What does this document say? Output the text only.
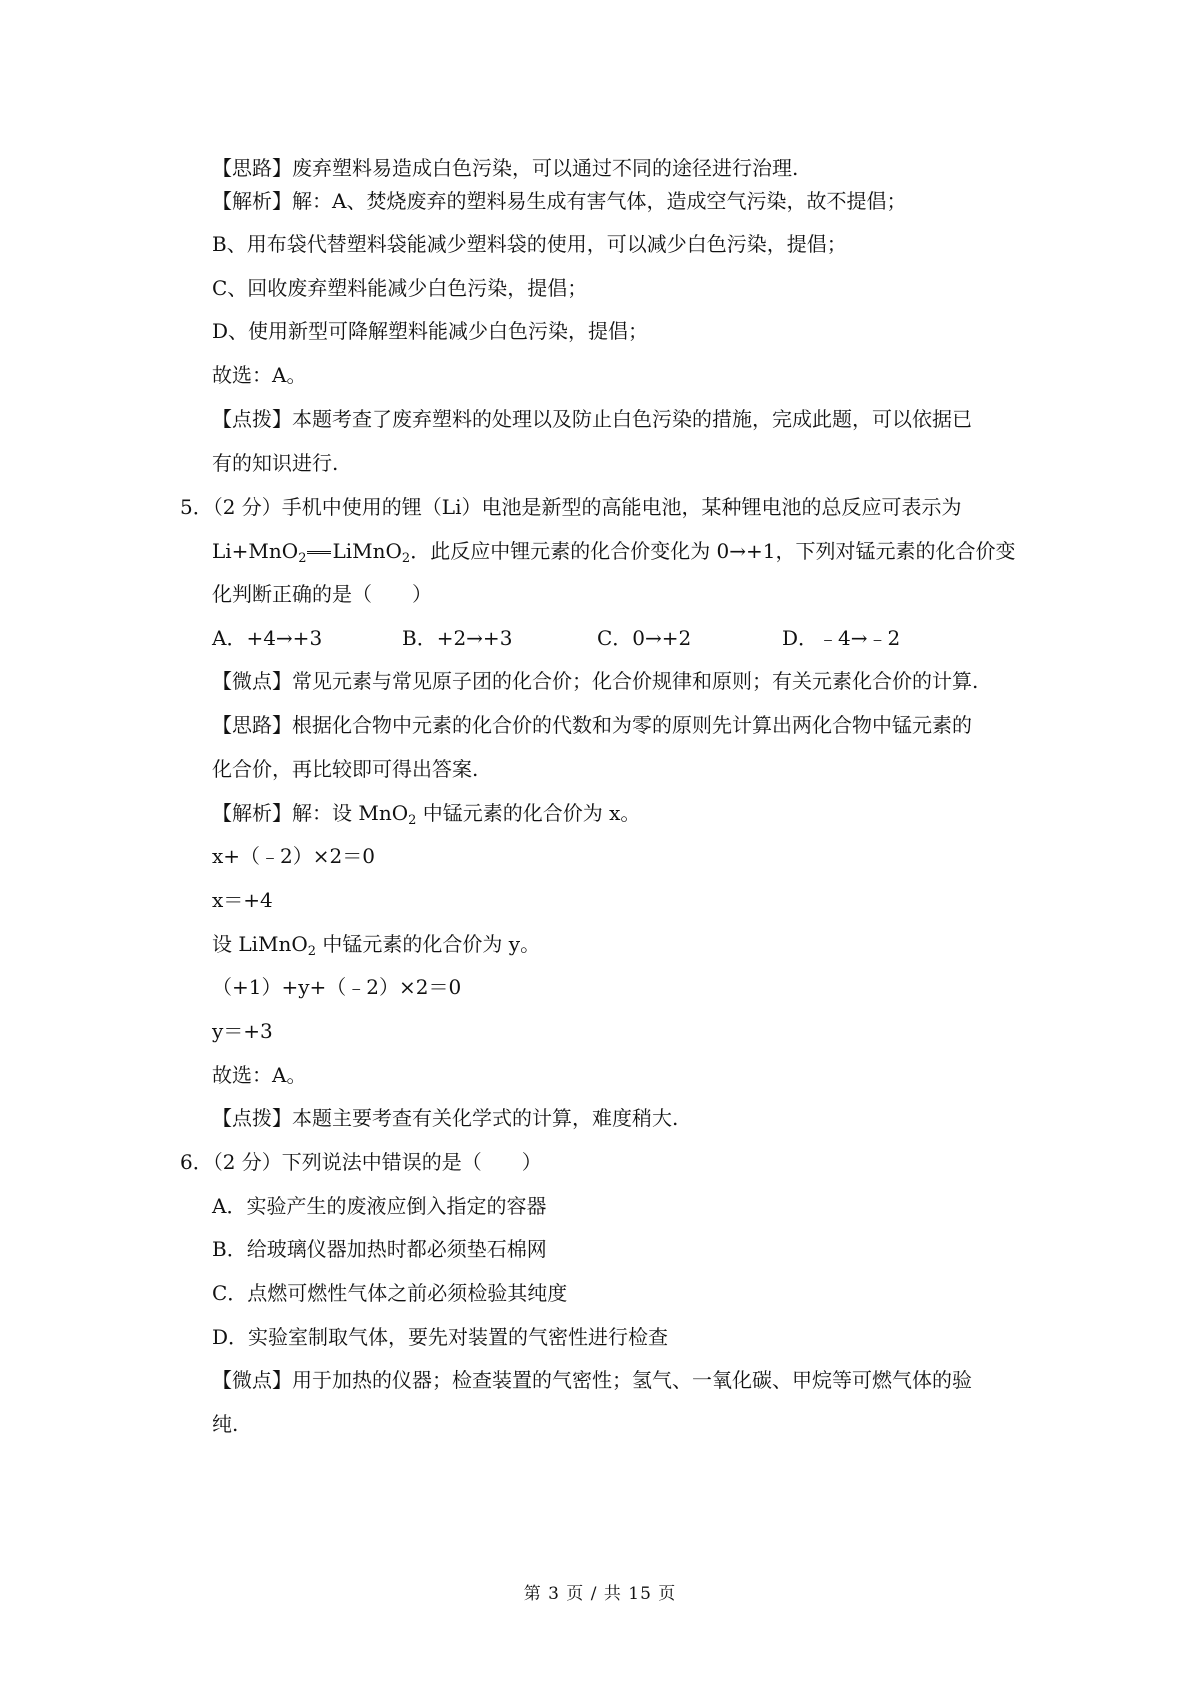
【思路】废弃塑料易造成白色污染，可以通过不同的途径进行治理.
【解析】解：A、焚烧废弃的塑料易生成有害气体，造成空气污染，故不提倡；
B、用布袋代替塑料袋能减少塑料袋的使用，可以减少白色污染，提倡；
C、回收废弃塑料能减少白色污染，提倡；
D、使用新型可降解塑料能减少白色污染，提倡；
故选：A。
【点拨】本题考查了废弃塑料的处理以及防止白色污染的措施，完成此题，可以依据已
有的知识进行.
5．（2 分）手机中使用的锂（Li）电池是新型的高能电池，某种锂电池的总反应可表示为
Li+MnO$_2$ LiMnO$_2$．此反应中锂元素的化合价变化为 0→+1，下列对锰元素的化合价变
化判断正确的是（　　）
A．+4→+3	B．+2→+3	C．0→+2	D．﹣4→﹣2
【微点】常见元素与常见原子团的化合价；化合价规律和原则；有关元素化合价的计算.
【思路】根据化合物中元素的化合价的代数和为零的原则先计算出两化合物中锰元素的
化合价，再比较即可得出答案.
【解析】解：设 MnO$_2$ 中锰元素的化合价为 x。
x+（﹣2）×2＝0
x＝+4
设 LiMnO$_2$ 中锰元素的化合价为 y。
（+1）+y+（﹣2）×2＝0
y＝+3
故选：A。
【点拨】本题主要考查有关化学式的计算，难度稍大.
6．（2 分）下列说法中错误的是（　　）
A．实验产生的废液应倒入指定的容器
B．给玻璃仪器加热时都必须垫石棉网
C．点燃可燃性气体之前必须检验其纯度
D．实验室制取气体，要先对装置的气密性进行检查
【微点】用于加热的仪器；检查装置的气密性；氢气、一氧化碳、甲烷等可燃气体的验
纯.
第 3 页 / 共 15 页
